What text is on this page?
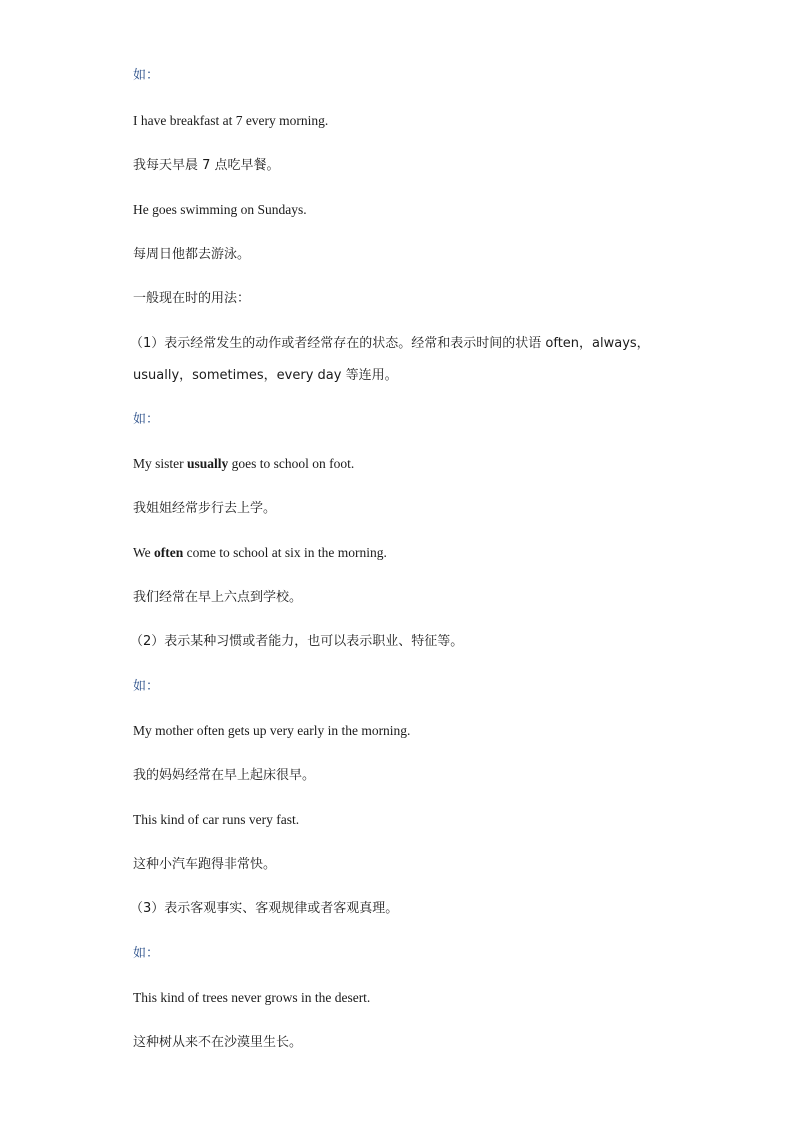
如：
I have breakfast at 7 every morning.
我每天早晨 7 点吃早餐。
He goes swimming on Sundays.
每周日他都去游泳。
一般现在时的用法：
（1）表示经常发生的动作或者经常存在的状态。经常和表示时间的状语 often，always，
usually，sometimes，every day 等连用。
如：
My sister usually goes to school on foot.
我姐姐经常步行去上学。
We often come to school at six in the morning.
我们经常在早上六点到学校。
（2）表示某种习惯或者能力，也可以表示职业、特征等。
如：
My mother often gets up very early in the morning.
我的妈妈经常在早上起床很早。
This kind of car runs very fast.
这种小汽车跑得非常快。
（3）表示客观事实、客观规律或者客观真理。
如：
This kind of trees never grows in the desert.
这种树从来不在沙漠里生长。
